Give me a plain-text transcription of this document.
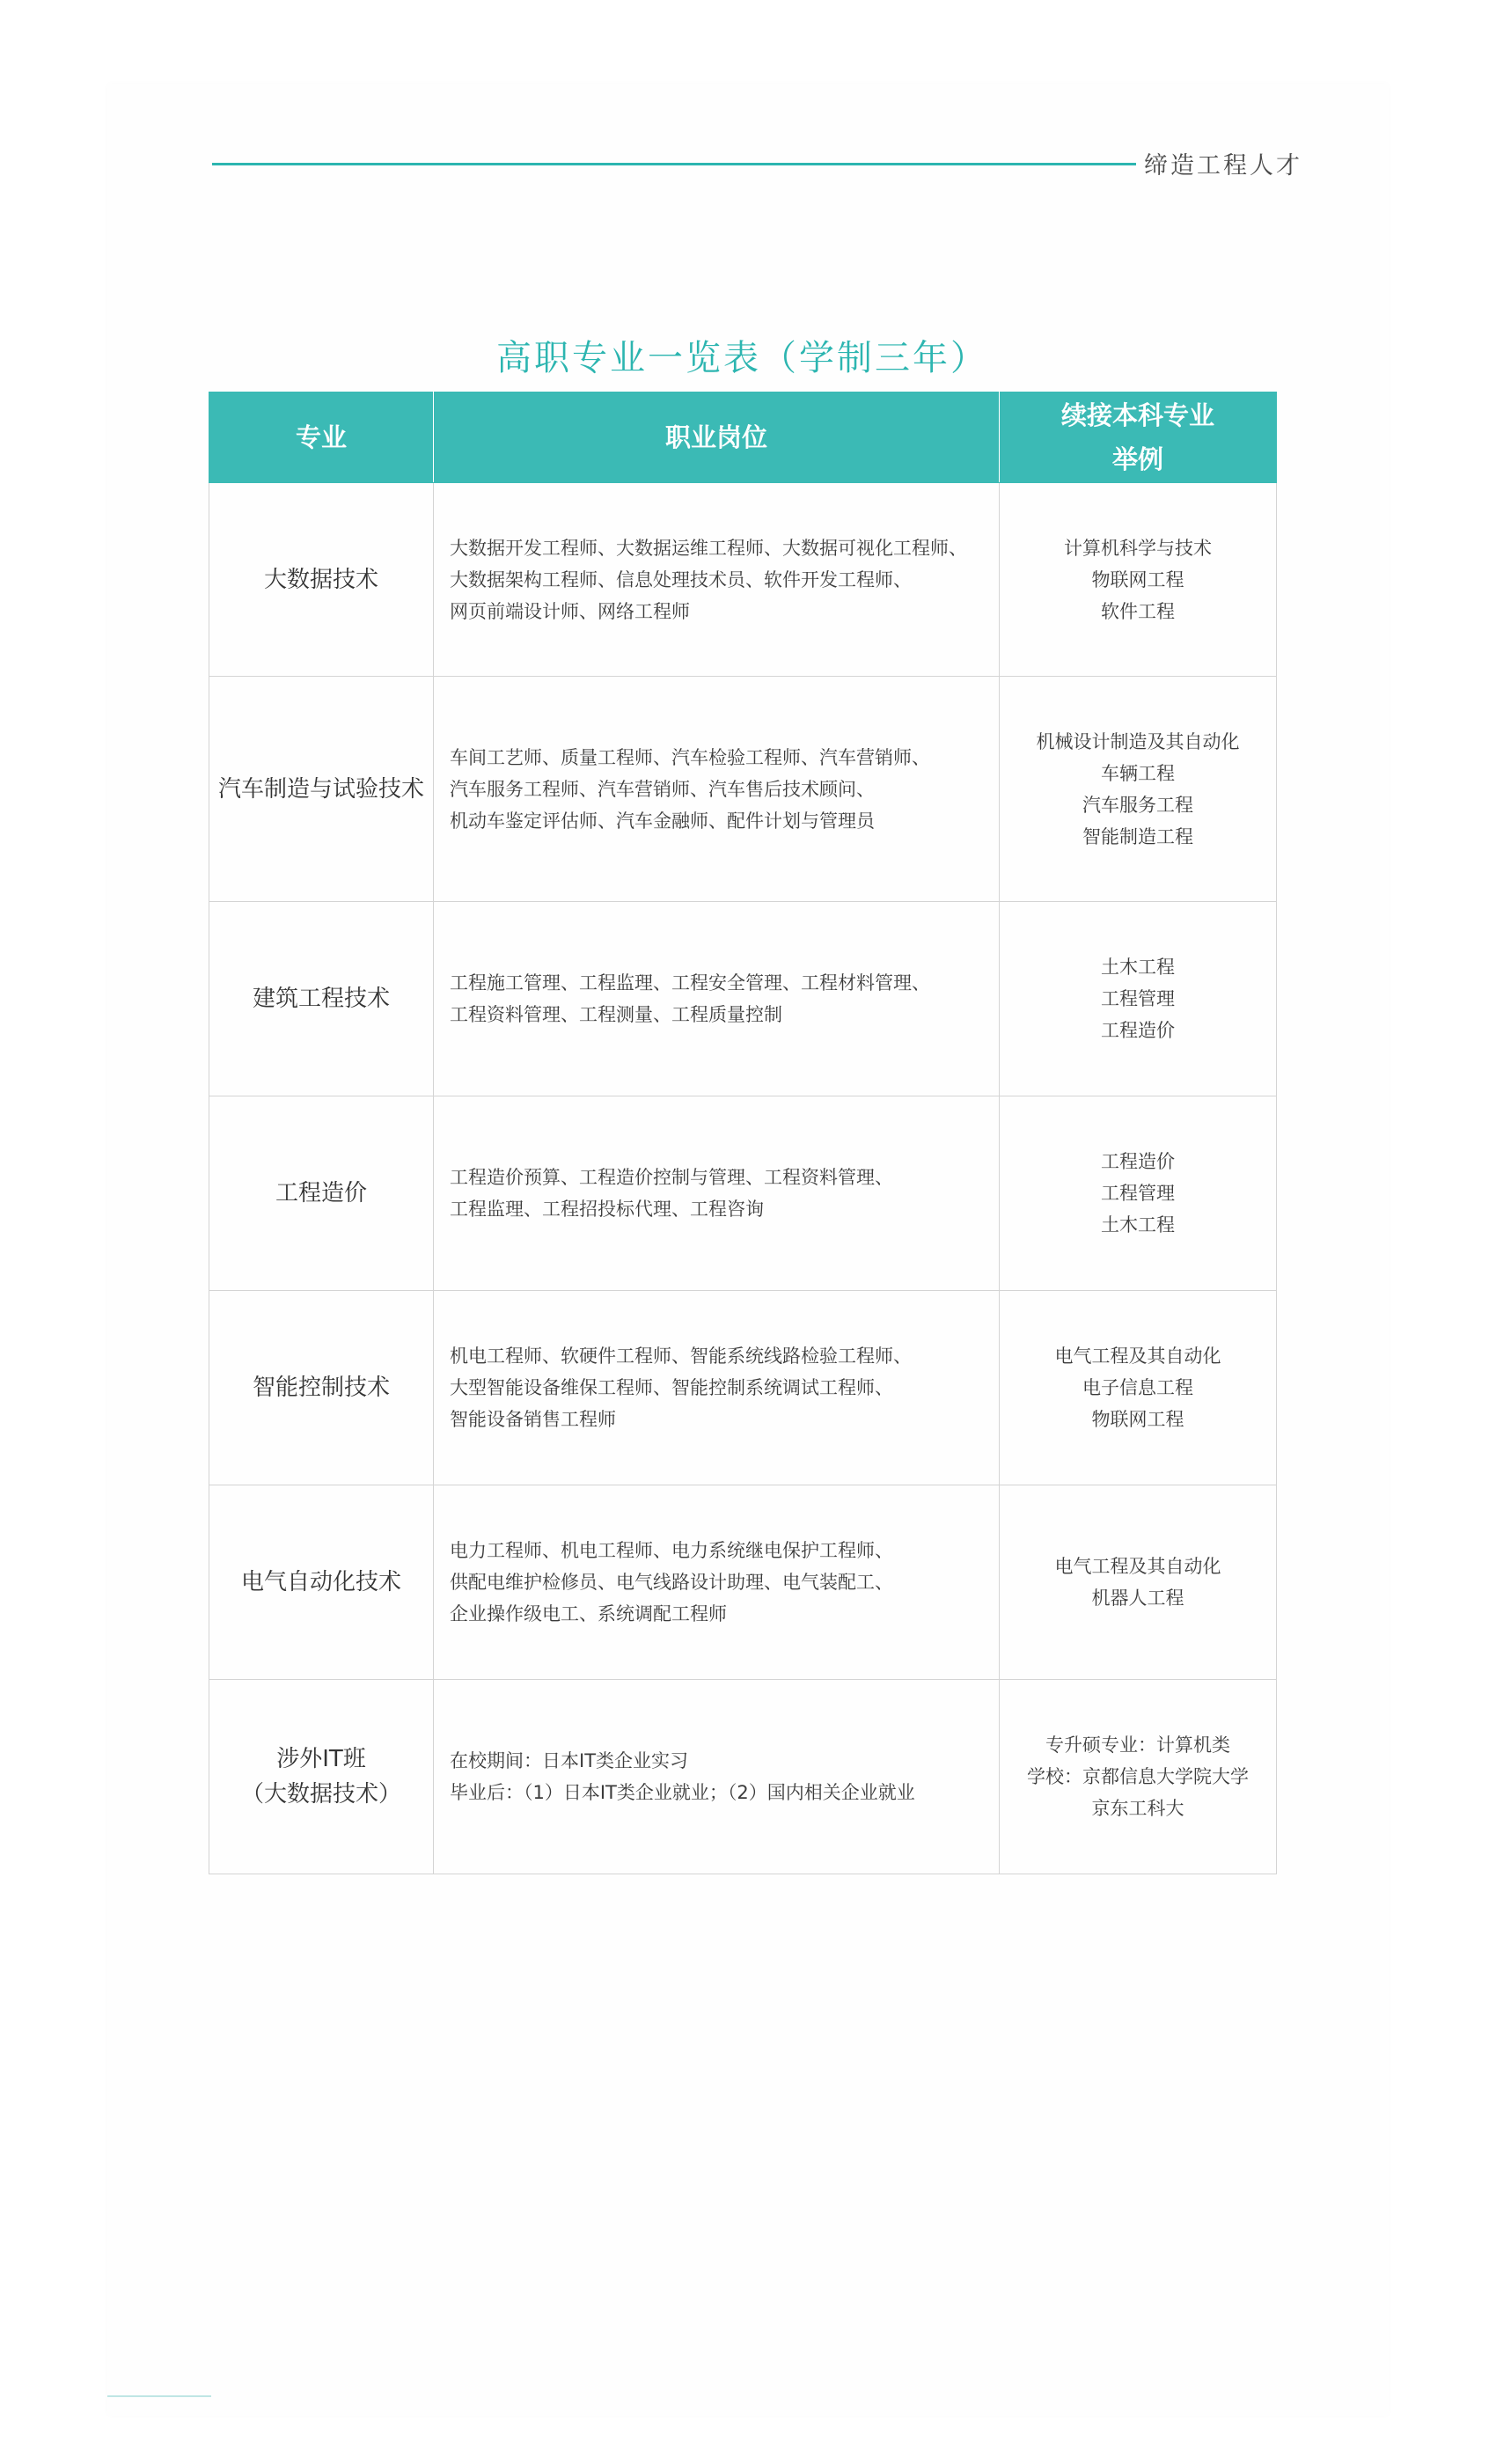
缔造工程人才
高职专业一览表（学制三年）
专业	职业岗位	续接本科专业
举例

大数据技术	大数据开发工程师、大数据运维工程师、大数据可视化工程师、
大数据架构工程师、信息处理技术员、软件开发工程师、
网页前端设计师、网络工程师	计算机科学与技术
物联网工程
软件工程

汽车制造与试验技术	车间工艺师、质量工程师、汽车检验工程师、汽车营销师、
汽车服务工程师、汽车营销师、汽车售后技术顾问、
机动车鉴定评估师、汽车金融师、配件计划与管理员	机械设计制造及其自动化
车辆工程
汽车服务工程
智能制造工程

建筑工程技术	工程施工管理、工程监理、工程安全管理、工程材料管理、
工程资料管理、工程测量、工程质量控制	土木工程
工程管理
工程造价

工程造价	工程造价预算、工程造价控制与管理、工程资料管理、
工程监理、工程招投标代理、工程咨询	工程造价
工程管理
土木工程

智能控制技术	机电工程师、软硬件工程师、智能系统线路检验工程师、
大型智能设备维保工程师、智能控制系统调试工程师、
智能设备销售工程师	电气工程及其自动化
电子信息工程
物联网工程

电气自动化技术	电力工程师、机电工程师、电力系统继电保护工程师、
供配电维护检修员、电气线路设计助理、电气装配工、
企业操作级电工、系统调配工程师	电气工程及其自动化
机器人工程

涉外IT班
（大数据技术）	在校期间：日本IT类企业实习
毕业后：（1）日本IT类企业就业；（2）国内相关企业就业	专升硕专业：计算机类
学校：京都信息大学院大学
京东工科大
